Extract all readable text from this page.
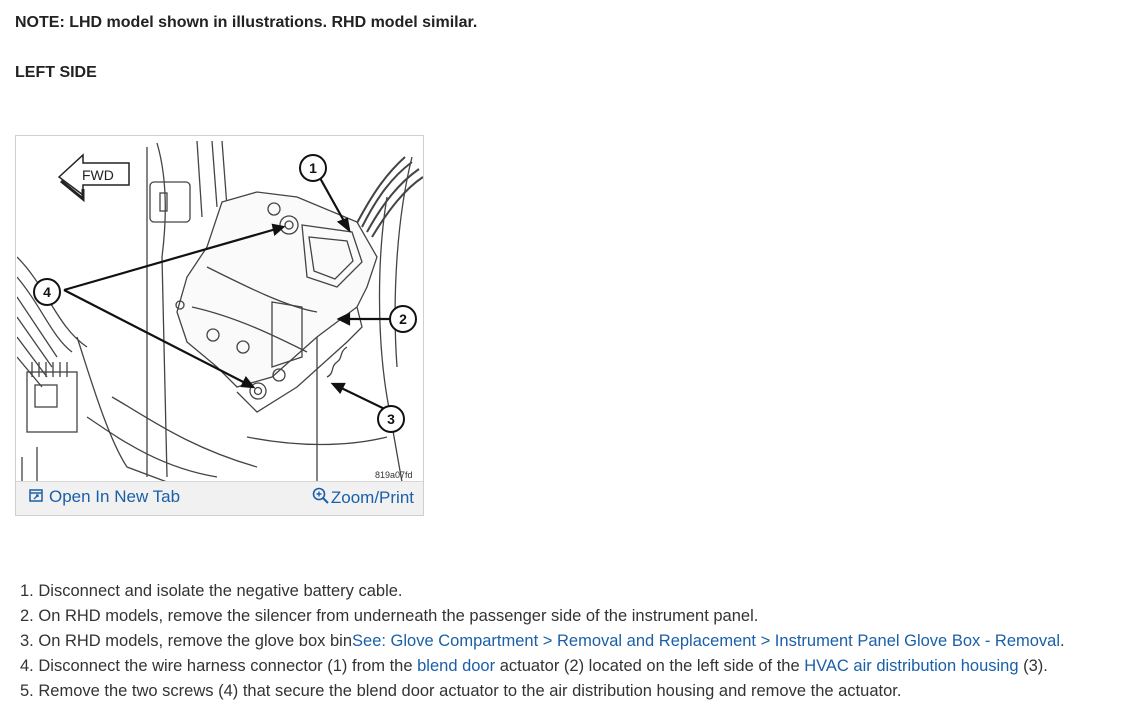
NOTE: LHD model shown in illustrations. RHD model similar.
LEFT SIDE
FWD	1
2
3
4
819a07fd
Open In New Tab	Zoom/Print
1. Disconnect and isolate the negative battery cable.
2. On RHD models, remove the silencer from underneath the passenger side of the instrument panel.
3. On RHD models, remove the glove box binSee: Glove Compartment > Removal and Replacement > Instrument Panel Glove Box - Removal.
4. Disconnect the wire harness connector (1) from the blend door actuator (2) located on the left side of the HVAC air distribution housing (3).
5. Remove the two screws (4) that secure the blend door actuator to the air distribution housing and remove the actuator.
